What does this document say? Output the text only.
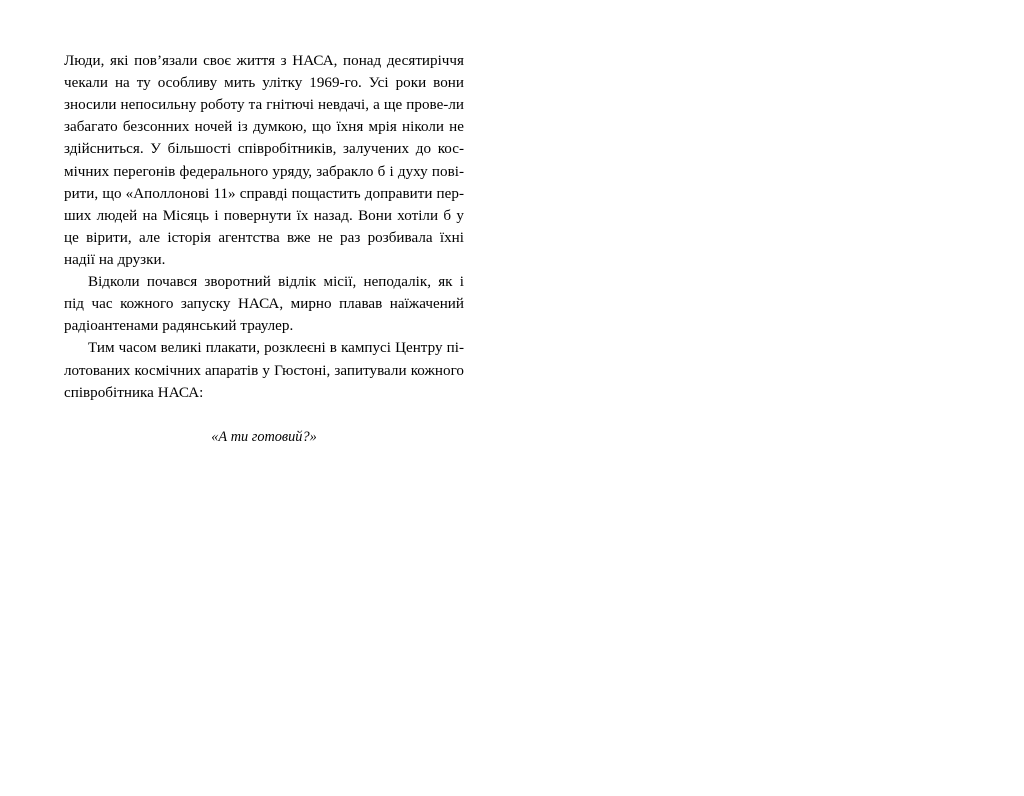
Люди, які пов’язали своє життя з НАСА, понад десятиріччя чекали на ту особливу мить улітку 1969-го. Усі роки вони зносили непосильну роботу та гнітючі невдачі, а ще прове-ли забагато безсонних ночей із думкою, що їхня мрія ніколи не здійсниться. У більшості співробітників, залучених до кос-мічних перегонів федерального уряду, забракло б і духу пові-рити, що «Аполлонові 11» справді пощастить доправити пер-ших людей на Місяць і повернути їх назад. Вони хотіли б у це вірити, але історія агентства вже не раз розбивала їхні надії на друзки.

Відколи почався зворотний відлік місії, неподалік, як і під час кожного запуску НАСА, мирно плавав наїжачений радіоантенами радянський траулер.

Тим часом великі плакати, розклеєні в кампусі Центру пі-лотованих космічних апаратів у Гюстоні, запитували кожного співробітника НАСА:

«А ти готовий?»
